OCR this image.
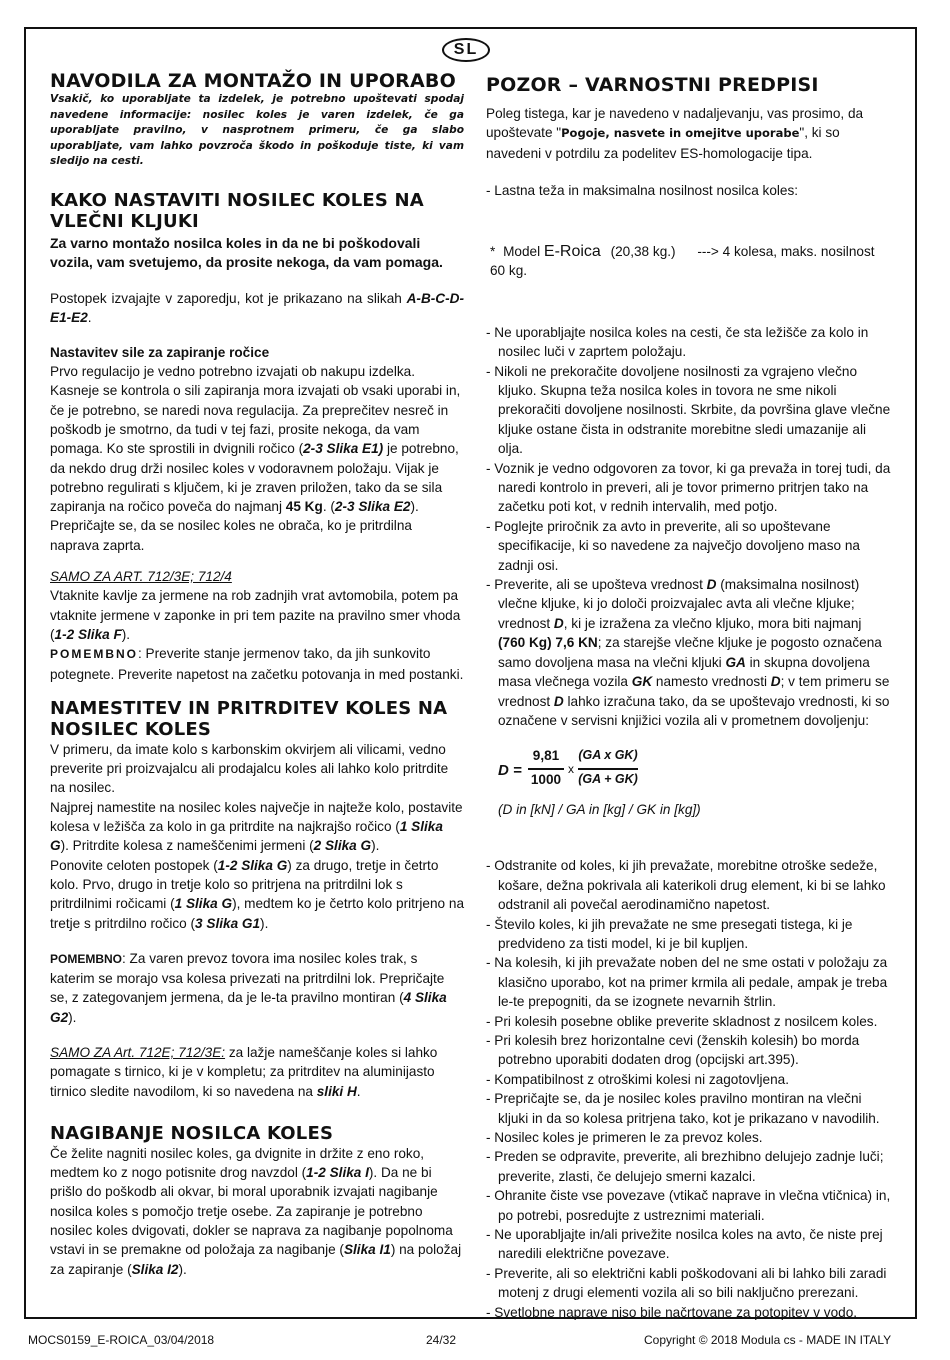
SL
NAVODILA ZA MONTAŽO IN UPORABO

Vsakič, ko uporabljate ta izdelek, je potrebno upoštevati spodaj navedene informacije: nosilec koles je varen izdelek, če ga uporabljate pravilno, v nasprotnem primeru, če ga slabo uporabljate, vam lahko povzroča škodo in poškoduje tiste, ki vam sledijo na cesti.

KAKO NASTAVITI NOSILEC KOLES NA VLEČNI KLJUKI

Za varno montažo nosilca koles in da ne bi poškodovali vozila, vam svetujemo, da prosite nekoga, da vam pomaga.

Postopek izvajajte v zaporedju, kot je prikazano na slikah A-B-C-D-E1-E2.

Nastavitev sile za zapiranje ročice

Prvo regulacijo je vedno potrebno izvajati ob nakupu izdelka. Kasneje se kontrola o sili zapiranja mora izvajati ob vsaki uporabi in, če je potrebno, se naredi nova regulacija. Za preprečitev nesreč in poškodb je smotrno, da tudi v tej fazi, prosite nekoga, da vam pomaga. Ko ste sprostili in dvignili ročico (2-3 Slika E1) je potrebno, da nekdo drug drži nosilec koles v vodoravnem položaju. Vijak je potrebno regulirati s ključem, ki je zraven priložen, tako da se sila zapiranja na ročico poveča do najmanj 45 Kg. (2-3 Slika E2). Prepričajte se, da se nosilec koles ne obrača, ko je pritrdilna naprava zaprta.

SAMO ZA ART. 712/3E; 712/4

Vtaknite kavlje za jermene na rob zadnjih vrat avtomobila, potem pa vtaknite jermene v zaponke in pri tem pazite na pravilno smer vhoda (1-2 Slika F).

POMEMBNO: Preverite stanje jermenov tako, da jih sunkovito potegnete. Preverite napetost na začetku potovanja in med postanki.

NAMESTITEV IN PRITRDITEV KOLES NA NOSILEC KOLES

V primeru, da imate kolo s karbonskim okvirjem ali vilicami, vedno preverite pri proizvajalcu ali prodajalcu koles ali lahko kolo pritrdite na nosilec.

Najprej namestite na nosilec koles največje in najteže kolo, postavite kolesa v ležišča za kolo in ga pritrdite na najkrajšo ročico (1 Slika G). Pritrdite kolesa z nameščenimi jermeni (2 Slika G).

Ponovite celoten postopek (1-2 Slika G) za drugo, tretje in četrto kolo. Prvo, drugo in tretje kolo so pritrjena na pritrdilni lok s pritrdilnimi ročicami (1 Slika G), medtem ko je četrto kolo pritrjeno na tretje s pritrdilno ročico (3 Slika G1).

POMEMBNO: Za varen prevoz tovora ima nosilec koles trak, s katerim se morajo vsa kolesa privezati na pritrdilni lok. Prepričajte se, z zategovanjem jermena, da je le-ta pravilno montiran (4 Slika G2).

SAMO ZA Art. 712E; 712/3E: za lažje nameščanje koles si lahko pomagate s tirnico, ki je v kompletu; za pritrditev na aluminijasto tirnico sledite navodilom, ki so navedena na sliki H.

NAGIBANJE NOSILCA KOLES

Če želite nagniti nosilec koles, ga dvignite in držite z eno roko, medtem ko z nogo potisnite drog navzdol (1-2 Slika I). Da ne bi prišlo do poškodb ali okvar, bi moral uporabnik izvajati nagibanje nosilca koles s pomočjo tretje osebe. Za zapiranje je potrebno nosilec koles dvigovati, dokler se naprava za nagibanje popolnoma vstavi in se premakne od položaja za nagibanje (Slika I1) na položaj za zapiranje (Slika I2).

POZOR – VARNOSTNI PREDPISI

Poleg tistega, kar je navedeno v nadaljevanju, vas prosimo, da upoštevate "Pogoje, nasvete in omejitve uporabe", ki so navedeni v potrdilu za podelitev ES-homologacije tipa.

- Lastna teža in maksimalna nosilnost nosilca koles:

* Model E-Roica (20,38 kg.) ---> 4 kolesa, maks. nosilnost 60 kg.
- Ne uporabljajte nosilca koles na cesti, če sta ležišče za kolo in nosilec luči v zaprtem položaju.
- Nikoli ne prekoračite dovoljene nosilnosti za vgrajeno vlečno kljuko. Skupna teža nosilca koles in tovora ne sme nikoli prekoračiti dovoljene nosilnosti. Skrbite, da površina glave vlečne kljuke ostane čista in odstranite morebitne sledi umazanije ali olja.
- Voznik je vedno odgovoren za tovor, ki ga prevaža in torej tudi, da naredi kontrolo in preveri, ali je tovor primerno pritrjen tako na začetku poti kot, v rednih intervalih, med potjo.
- Poglejte priročnik za avto in preverite, ali so upoštevane specifikacije, ki so navedene za največjo dovoljeno maso na zadnji osi.
- Preverite, ali se upošteva vrednost D (maksimalna nosilnost) vlečne kljuke, ki jo določi proizvajalec avta ali vlečne kljuke; vrednost D, ki je izražena za vlečno kljuko, mora biti najmanj (760 Kg) 7,6 KN; za starejše vlečne kljuke je pogosto označena samo dovoljena masa na vlečni kljuki GA in skupna dovoljena masa vlečnega vozila GK namesto vrednosti D; v tem primeru se vrednost D lahko izračuna tako, da se upoštevajo vrednosti, ki so označene v servisni knjižici vozila ali v prometnem dovoljenju:
D =
9,81
1000
x
(GA x GK)
(GA + GK)
(D in [kN] / GA in [kg] / GK in [kg])
- Odstranite od koles, ki jih prevažate, morebitne otroške sedeže, košare, dežna pokrivala ali katerikoli drug element, ki bi se lahko odstranil ali povečal aerodinamično napetost.
- Število koles, ki jih prevažate ne sme presegati tistega, ki je predvideno za tisti model, ki je bil kupljen.
- Na kolesih, ki jih prevažate noben del ne sme ostati v položaju za klasično uporabo, kot na primer krmila ali pedale, ampak je treba le-te prepogniti, da se izognete nevarnih štrlin.
- Pri kolesih posebne oblike preverite skladnost z nosilcem koles.
- Pri kolesih brez horizontalne cevi (ženskih kolesih) bo morda potrebno uporabiti dodaten drog (opcijski art.395).
- Kompatibilnost z otroškimi kolesi ni zagotovljena.
- Prepričajte se, da je nosilec koles pravilno montiran na vlečni kljuki in da so kolesa pritrjena tako, kot je prikazano v navodilih.
- Nosilec koles je primeren le za prevoz koles.
- Preden se odpravite, preverite, ali brezhibno delujejo zadnje luči; preverite, zlasti, če delujejo smerni kazalci.
- Ohranite čiste vse povezave (vtikač naprave in vlečna vtičnica) in, po potrebi, posredujte z ustreznimi materiali.
- Ne uporabljajte in/ali privežite nosilca koles na avto, če niste prej naredili električne povezave.
- Preverite, ali so električni kabli poškodovani ali bi lahko bili zaradi motenj z drugi elementi vozila ali so bili naključno prerezani.
- Svetlobne naprave niso bile načrtovane za potopitev v vodo.
MOCS0159_E-ROICA_03/04/2018	24/32	Copyright © 2018 Modula cs - MADE IN ITALY
